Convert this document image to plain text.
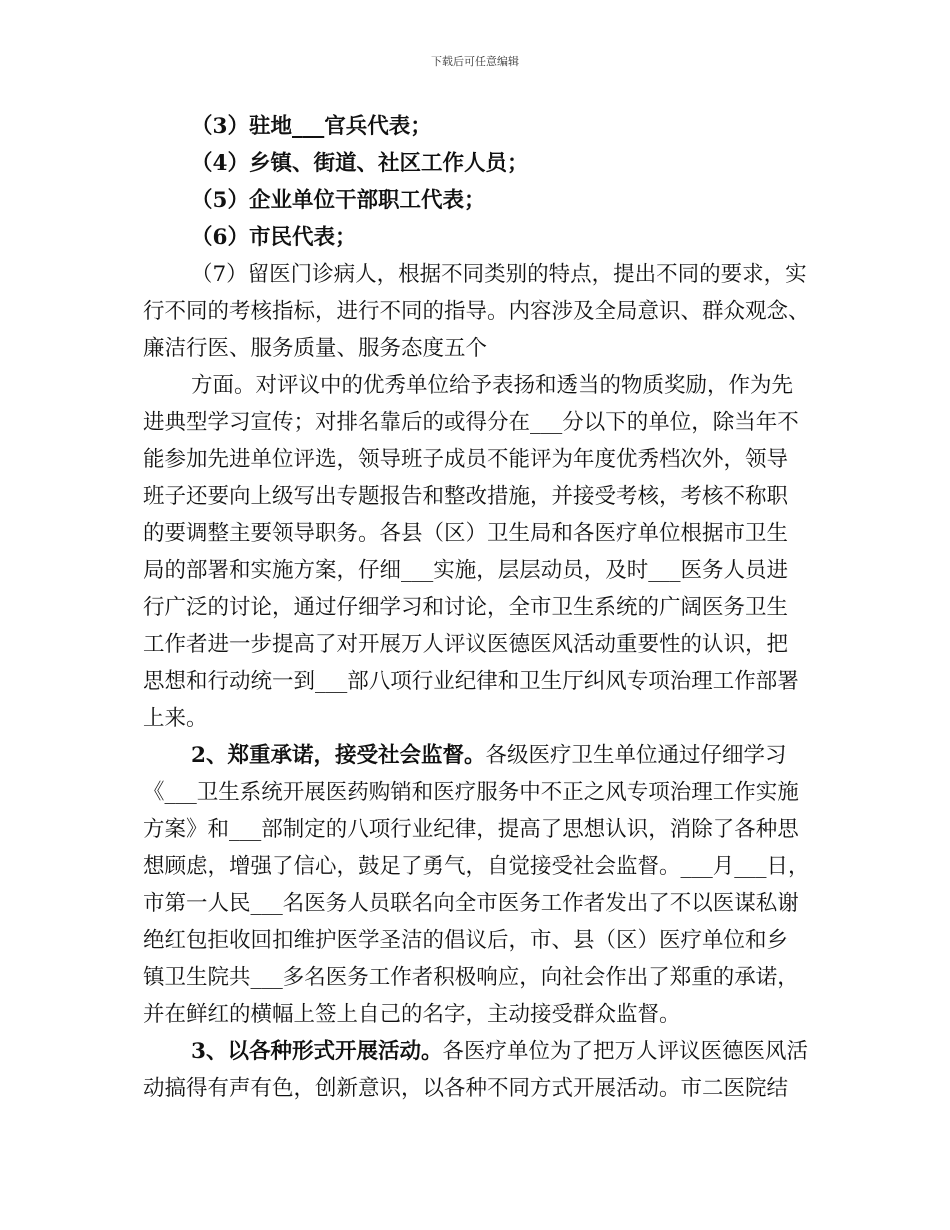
下载后可任意编辑
（3）驻地___官兵代表；
（4）乡镇、街道、社区工作人员；
（5）企业单位干部职工代表；
（6）市民代表；
（7）留医门诊病人，根据不同类别的特点，提出不同的要求，实
行不同的考核指标，进行不同的指导。内容涉及全局意识、群众观念、
廉洁行医、服务质量、服务态度五个
方面。对评议中的优秀单位给予表扬和透当的物质奖励，作为先
进典型学习宣传；对排名靠后的或得分在___分以下的单位，除当年不
能参加先进单位评选，领导班子成员不能评为年度优秀档次外，领导
班子还要向上级写出专题报告和整改措施，并接受考核，考核不称职
的要调整主要领导职务。各县（区）卫生局和各医疗单位根据市卫生
局的部署和实施方案，仔细___实施，层层动员，及时___医务人员进
行广泛的讨论，通过仔细学习和讨论，全市卫生系统的广阔医务卫生
工作者进一步提高了对开展万人评议医德医风活动重要性的认识，把
思想和行动统一到___部八项行业纪律和卫生厅纠风专项治理工作部署
上来。
2、郑重承诺，接受社会监督。各级医疗卫生单位通过仔细学习
《___卫生系统开展医药购销和医疗服务中不正之风专项治理工作实施
方案》和___部制定的八项行业纪律，提高了思想认识，消除了各种思
想顾虑，增强了信心，鼓足了勇气，自觉接受社会监督。___月___日，
市第一人民___名医务人员联名向全市医务工作者发出了不以医谋私谢
绝红包拒收回扣维护医学圣洁的倡议后，市、县（区）医疗单位和乡
镇卫生院共___多名医务工作者积极响应，向社会作出了郑重的承诺，
并在鲜红的横幅上签上自己的名字，主动接受群众监督。
3、以各种形式开展活动。各医疗单位为了把万人评议医德医风活
动搞得有声有色，创新意识，以各种不同方式开展活动。市二医院结
